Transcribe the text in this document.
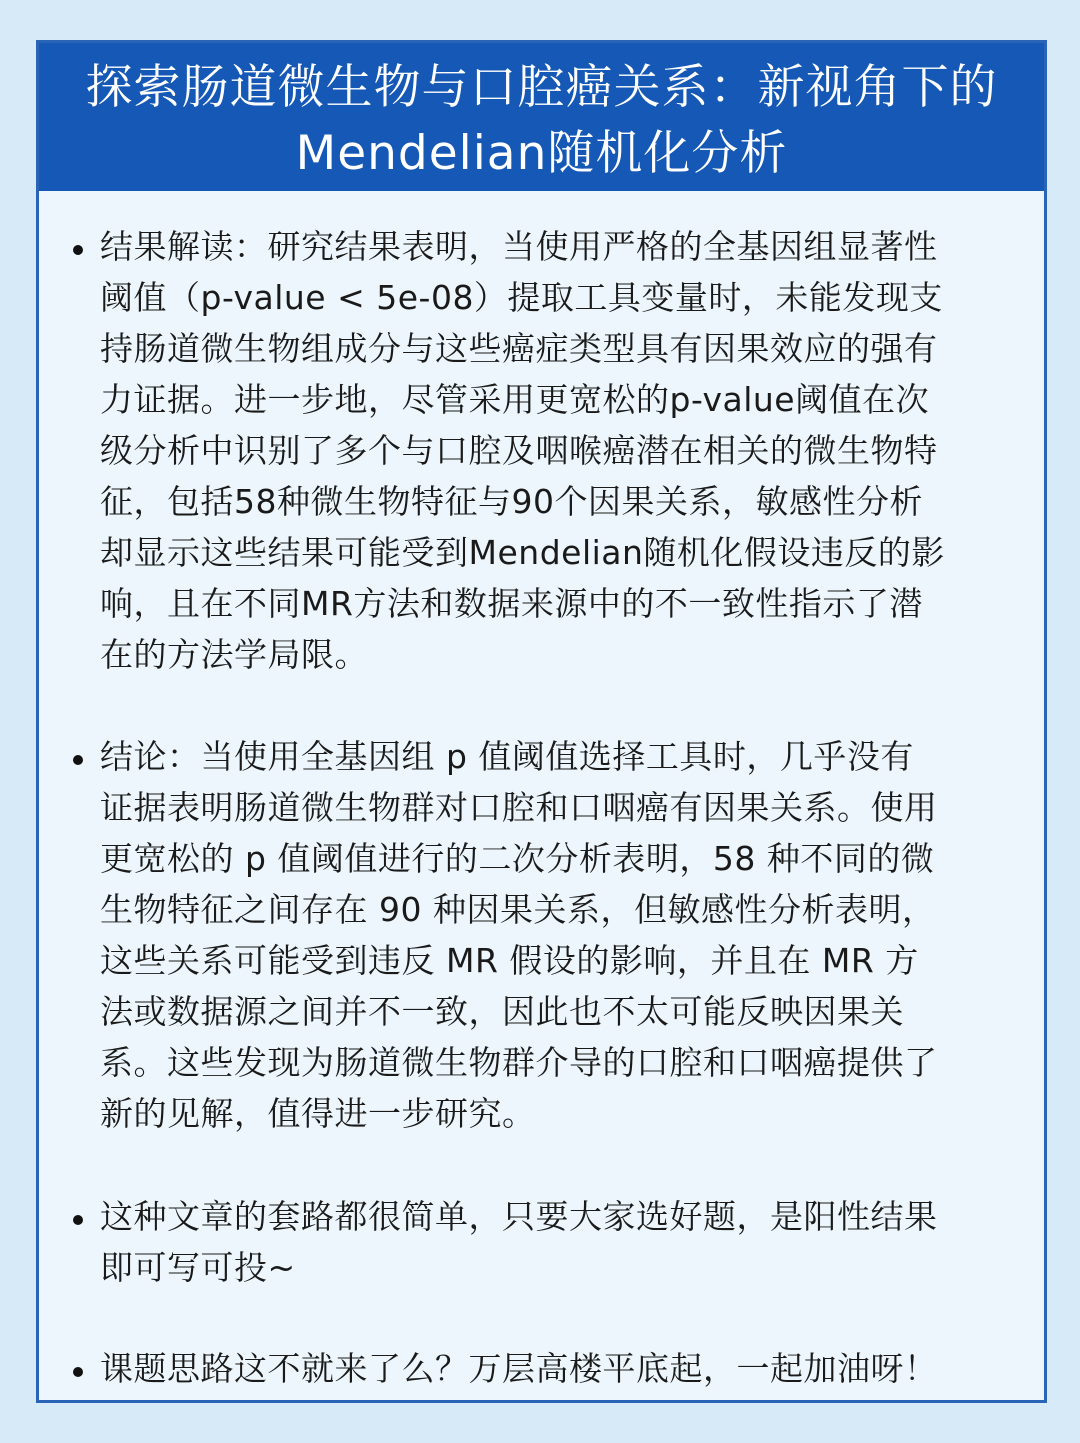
探索肠道微生物与口腔癌关系：新视角下的
Mendelian随机化分析
结果解读：研究结果表明，当使用严格的全基因组显著性
阈值（p-value < 5e-08）提取工具变量时，未能发现支
持肠道微生物组成分与这些癌症类型具有因果效应的强有
力证据。进一步地，尽管采用更宽松的p-value阈值在次
级分析中识别了多个与口腔及咽喉癌潜在相关的微生物特
征，包括58种微生物特征与90个因果关系，敏感性分析
却显示这些结果可能受到Mendelian随机化假设违反的影
响，且在不同MR方法和数据来源中的不一致性指示了潜
在的方法学局限。
结论：当使用全基因组 p 值阈值选择工具时，几乎没有
证据表明肠道微生物群对口腔和口咽癌有因果关系。使用
更宽松的 p 值阈值进行的二次分析表明，58 种不同的微
生物特征之间存在 90 种因果关系，但敏感性分析表明，
这些关系可能受到违反 MR 假设的影响，并且在 MR 方
法或数据源之间并不一致，因此也不太可能反映因果关
系。这些发现为肠道微生物群介导的口腔和口咽癌提供了
新的见解，值得进一步研究。
这种文章的套路都很简单，只要大家选好题，是阳性结果
即可写可投~
课题思路这不就来了么？万层高楼平底起，一起加油呀！
